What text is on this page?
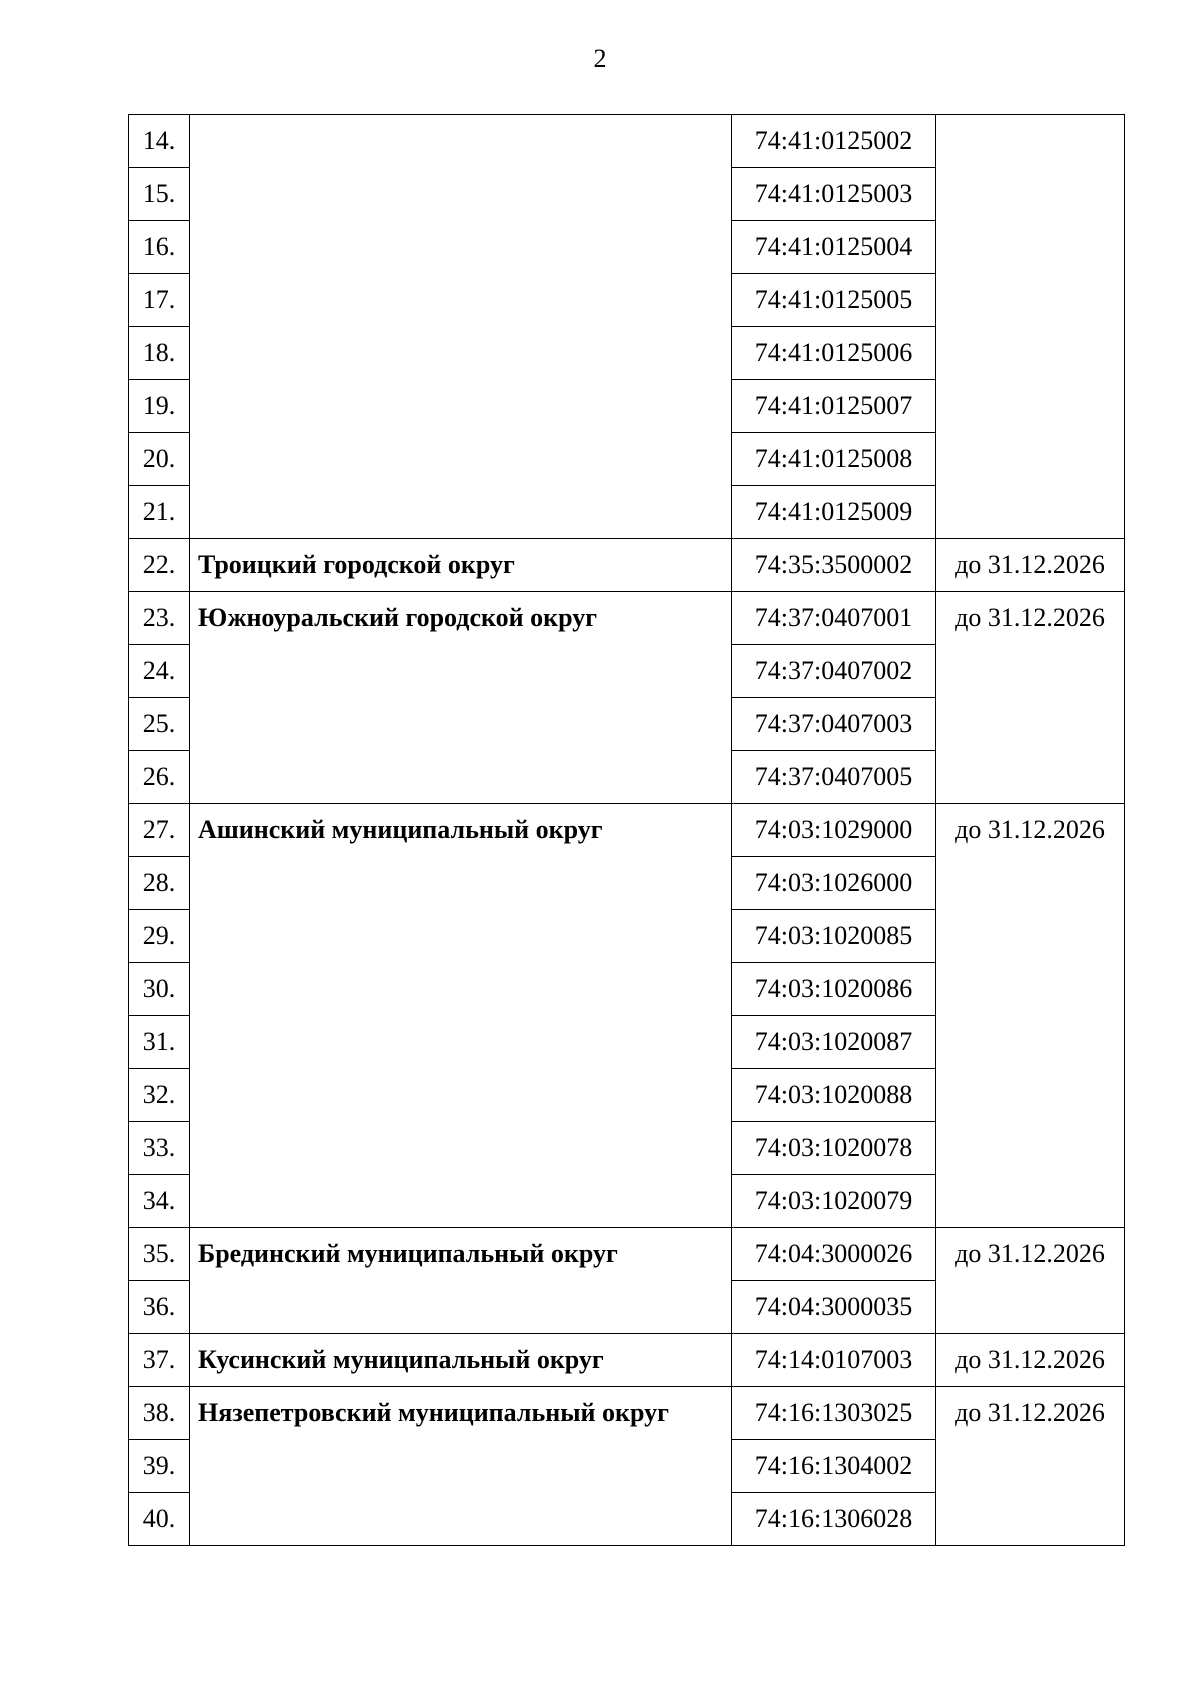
2
14.		74:41:0125002	
15.		74:41:0125003	
16.		74:41:0125004	
17.		74:41:0125005	
18.		74:41:0125006	
19.		74:41:0125007	
20.		74:41:0125008	
21.		74:41:0125009	
22.	Троицкий городской округ	74:35:3500002	до 31.12.2026
23.	Южноуральский городской округ	74:37:0407001	до 31.12.2026
24.		74:37:0407002	
25.		74:37:0407003	
26.		74:37:0407005	
27.	Ашинский муниципальный округ	74:03:1029000	до 31.12.2026
28.		74:03:1026000	
29.		74:03:1020085	
30.		74:03:1020086	
31.		74:03:1020087	
32.		74:03:1020088	
33.		74:03:1020078	
34.		74:03:1020079	
35.	Брединский муниципальный округ	74:04:3000026	до 31.12.2026
36.		74:04:3000035	
37.	Кусинский муниципальный округ	74:14:0107003	до 31.12.2026
38.	Нязепетровский муниципальный округ	74:16:1303025	до 31.12.2026
39.		74:16:1304002	
40.		74:16:1306028	
